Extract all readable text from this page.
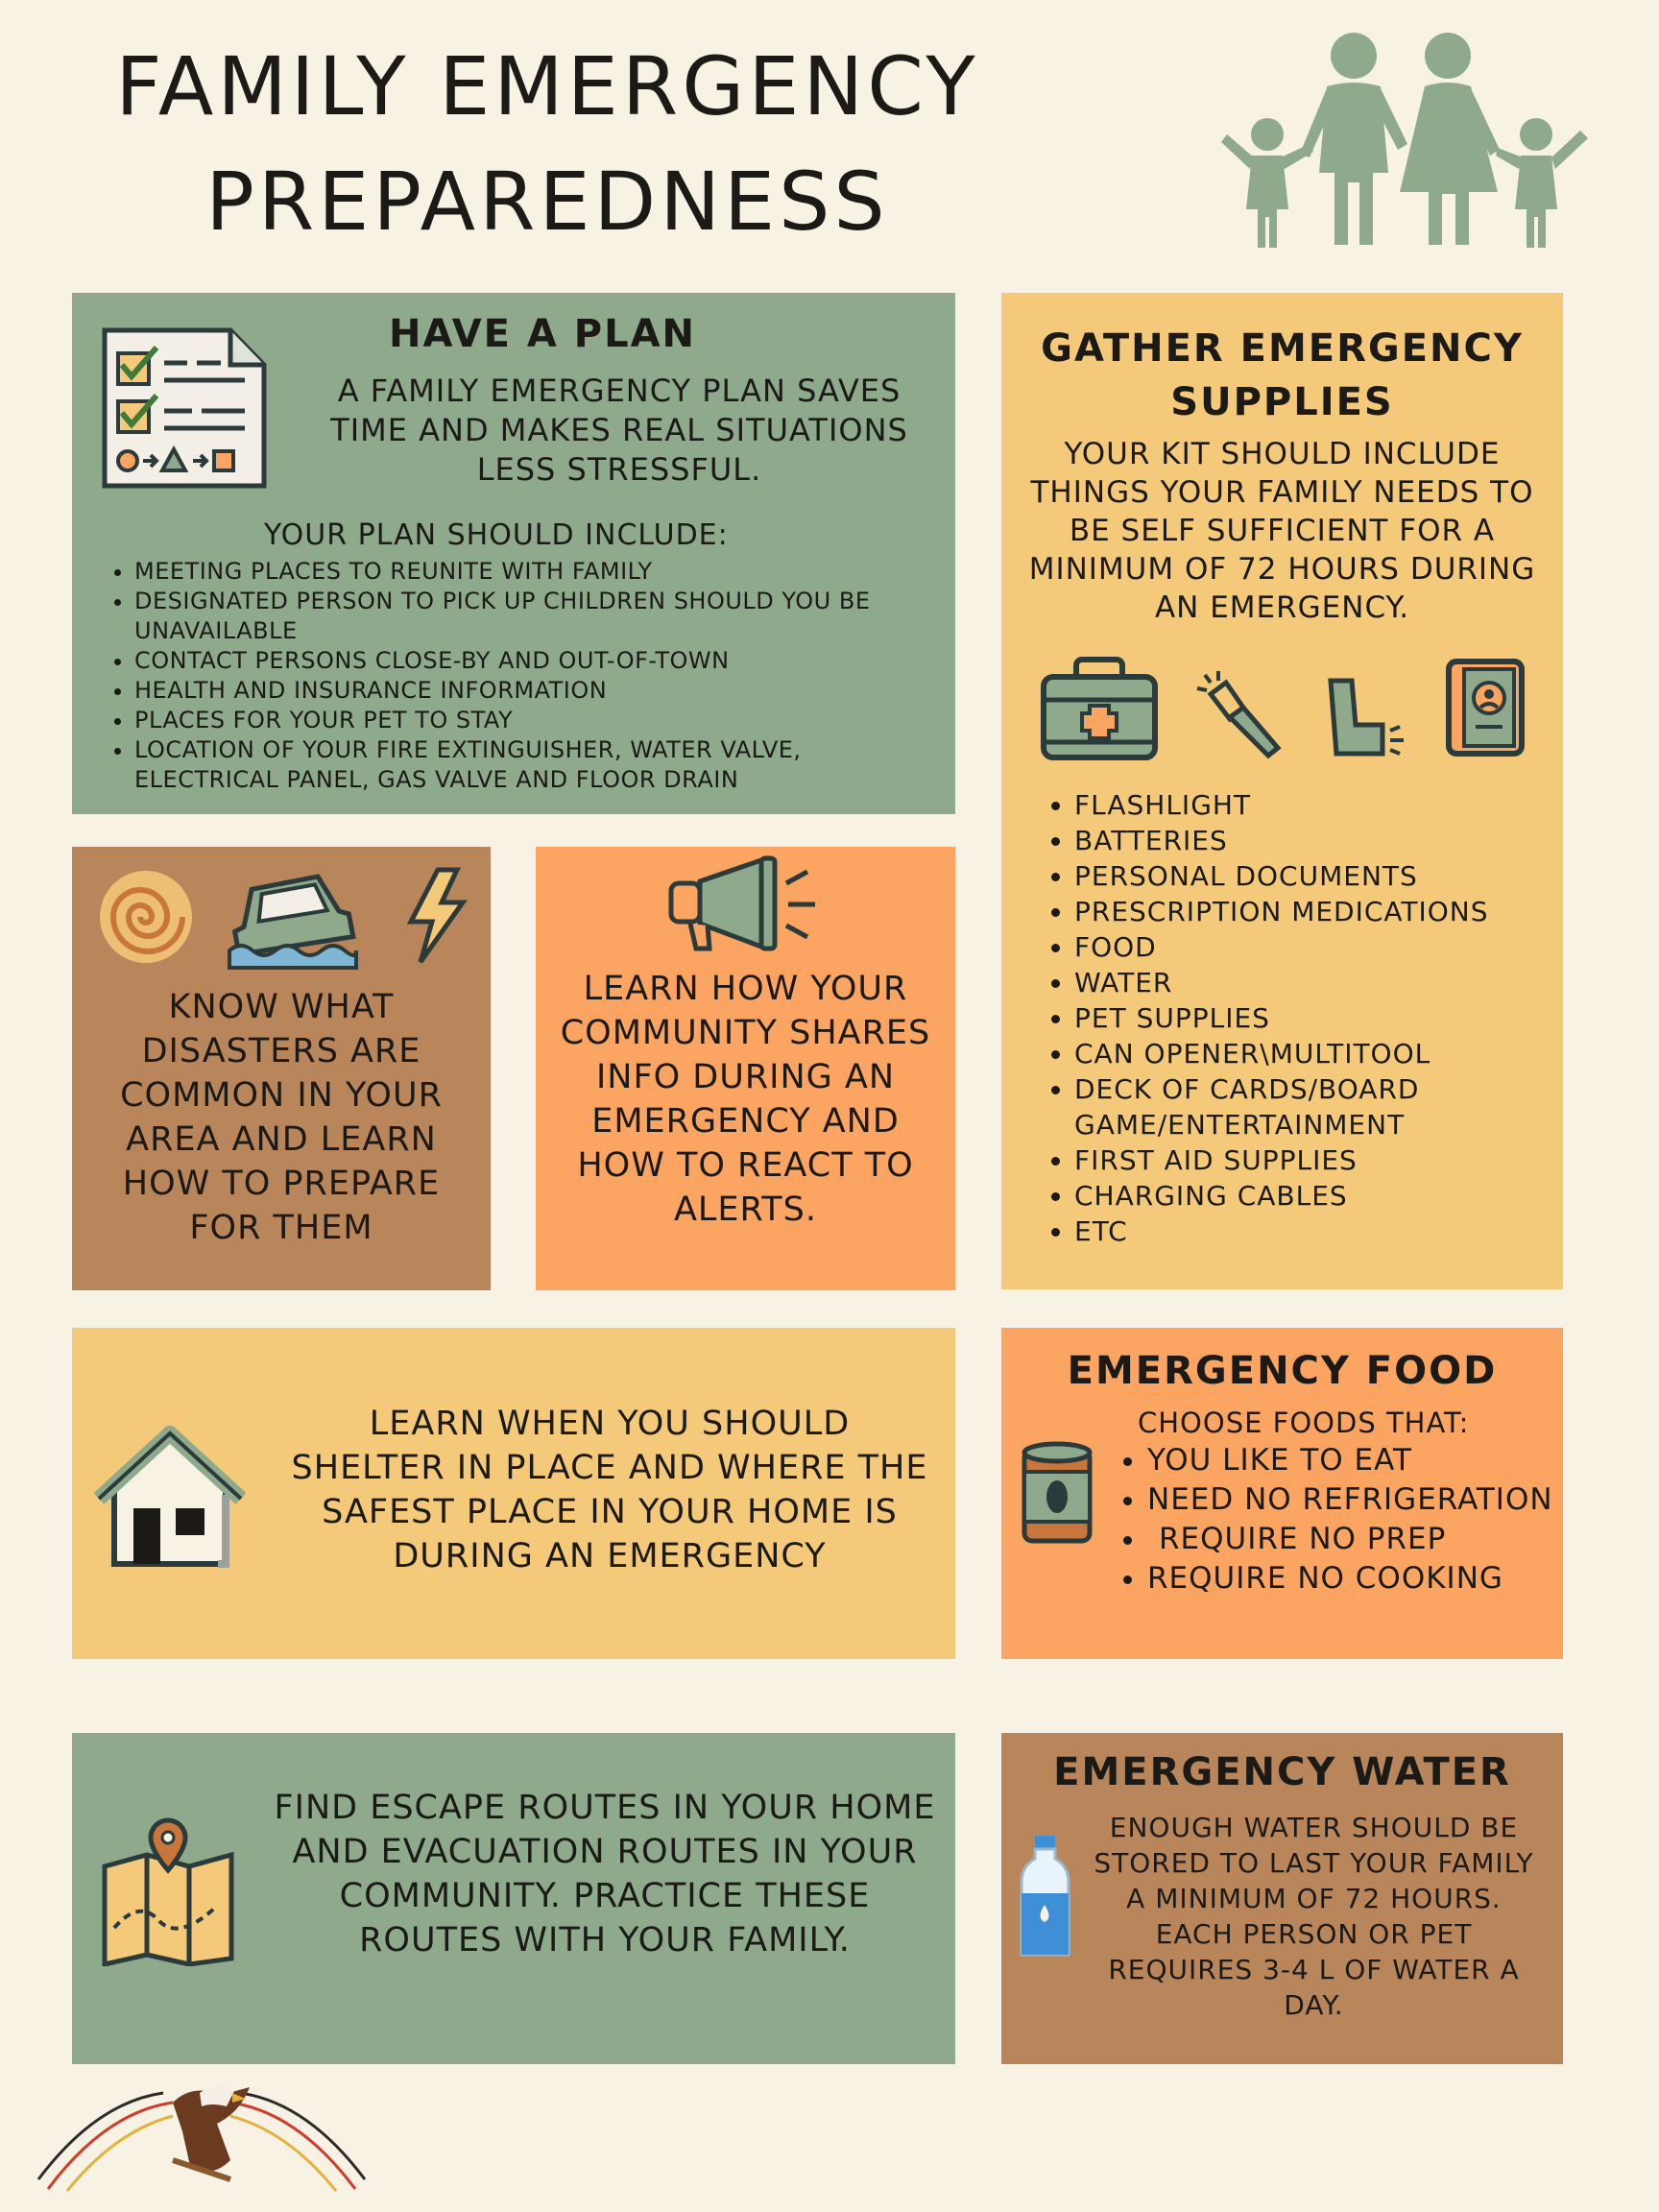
FAMILY EMERGENCY
PREPAREDNESS
HAVE A PLAN
A FAMILY EMERGENCY PLAN SAVES TIME AND MAKES REAL SITUATIONS LESS STRESSFUL.
YOUR PLAN SHOULD INCLUDE:
• MEETING PLACES TO REUNITE WITH FAMILY
• DESIGNATED PERSON TO PICK UP CHILDREN SHOULD YOU BE UNAVAILABLE
• CONTACT PERSONS CLOSE-BY AND OUT-OF-TOWN
• HEALTH AND INSURANCE INFORMATION
• PLACES FOR YOUR PET TO STAY
• LOCATION OF YOUR FIRE EXTINGUISHER, WATER VALVE, ELECTRICAL PANEL, GAS VALVE AND FLOOR DRAIN
GATHER EMERGENCY SUPPLIES
YOUR KIT SHOULD INCLUDE THINGS YOUR FAMILY NEEDS TO BE SELF SUFFICIENT FOR A MINIMUM OF 72 HOURS DURING AN EMERGENCY.
• FLASHLIGHT
• BATTERIES
• PERSONAL DOCUMENTS
• PRESCRIPTION MEDICATIONS
• FOOD
• WATER
• PET SUPPLIES
• CAN OPENER\MULTITOOL
• DECK OF CARDS/BOARD GAME/ENTERTAINMENT
• FIRST AID SUPPLIES
• CHARGING CABLES
• ETC
KNOW WHAT DISASTERS ARE COMMON IN YOUR AREA AND LEARN HOW TO PREPARE FOR THEM
LEARN HOW YOUR COMMUNITY SHARES INFO DURING AN EMERGENCY AND HOW TO REACT TO ALERTS.
LEARN WHEN YOU SHOULD SHELTER IN PLACE AND WHERE THE SAFEST PLACE IN YOUR HOME IS DURING AN EMERGENCY
EMERGENCY FOOD
CHOOSE FOODS THAT:
• YOU LIKE TO EAT
• NEED NO REFRIGERATION
• REQUIRE NO PREP
• REQUIRE NO COOKING
FIND ESCAPE ROUTES IN YOUR HOME AND EVACUATION ROUTES IN YOUR COMMUNITY. PRACTICE THESE ROUTES WITH YOUR FAMILY.
EMERGENCY WATER
ENOUGH WATER SHOULD BE STORED TO LAST YOUR FAMILY A MINIMUM OF 72 HOURS. EACH PERSON OR PET REQUIRES 3-4 L OF WATER A DAY.
